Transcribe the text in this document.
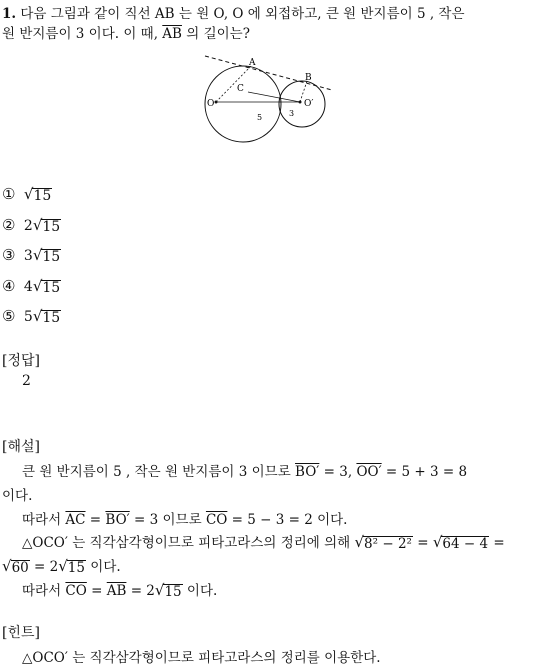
1. 다음 그림과 같이 직선 AB 는 원 O, O 에 외접하고, 큰 원 반지름이 5 , 작은
원 반지름이 3 이다. 이 때, $\overline{AB}$ 의 길이는?
A
B
C
O	O′
5	3
① √ 15
② 2 √ 15
③ 3 √ 15
④ 4 √ 15
⑤ 5 √ 15
[정답]
2
[해설]
큰 원 반지름이 5 , 작은 원 반지름이 3 이므로 BO′ = 3, OO′ = 5 + 3 = 8
이다.
따라서 $\overline{AC} = BO' = 3$ 이므로 $\overline{CO} = 5 - 3 = 2$ 이다.
△OCO′ 는 직각삼각형이므로 피타고라스의 정리에 의해 √ 8² − 2² = √ 64 − 4 =
√ 60 = 2 √ 15 이다.
따라서 $\overline{CO} = \overline{AB} = 2$ √ 15 이다.
[힌트]
△OCO′ 는 직각삼각형이므로 피타고라스의 정리를 이용한다.
